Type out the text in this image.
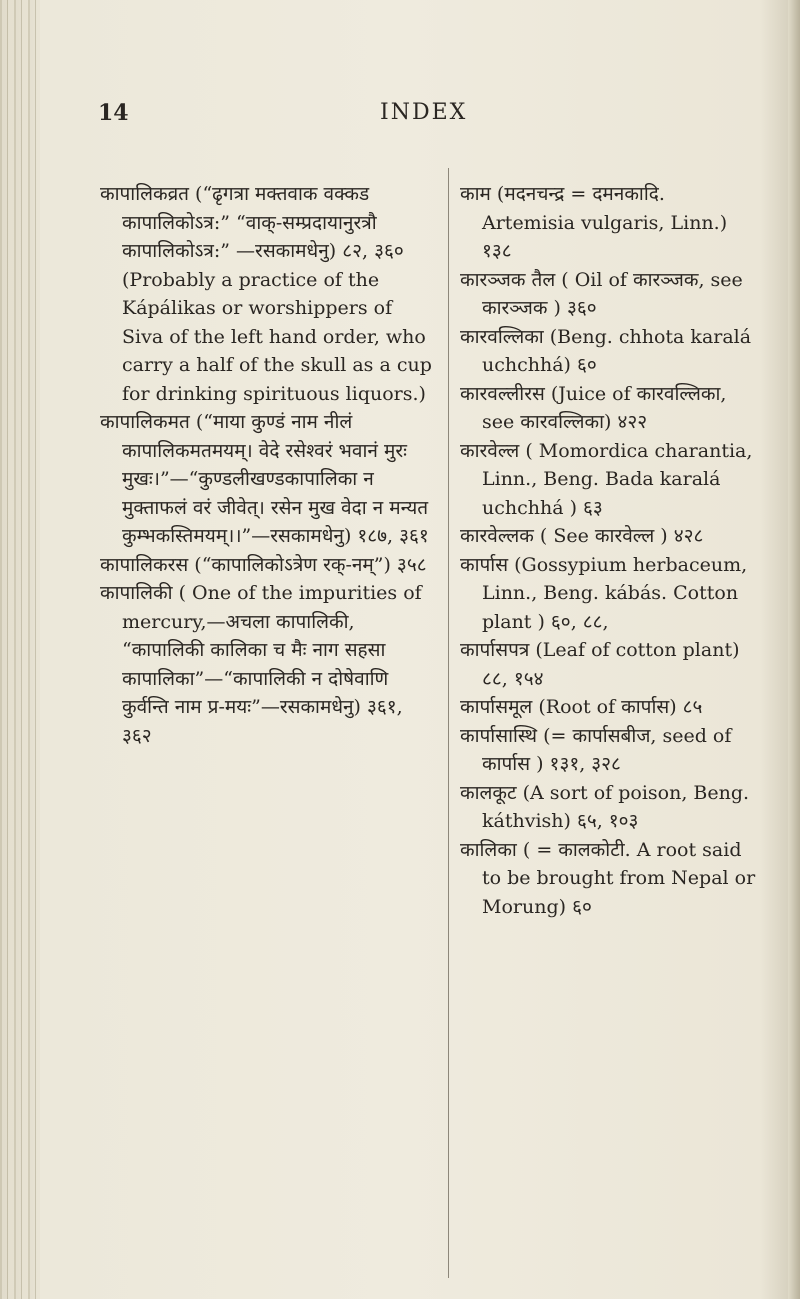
14	INDEX

कापालिकव्रत (“ढृगत्रा मक्तवाक वक्कड कापालिकोऽत्र:” “वाक्-सम्प्रदायानुरत्रौ कापालिकोऽत्र:” —रसकामधेनु) ८२, ३६० (Probably a practice of the Kápálikas or worshippers of Siva of the left hand order, who carry a half of the skull as a cup for drinking spirituous liquors.)

कापालिकमत (“माया कुण्डं नाम नीलं कापालिकमतमयम्। वेदे रसेश्वरं भवानं मुरः मुखः।”—“कुण्डलीखण्डकापालिका न मुक्ताफलं वरं जीवेत्। रसेन मुख वेदा न मन्यत कुम्भकस्तिमयम्।।”—रसकामधेनु) १८७, ३६१

कापालिकरस (“कापालिकोऽत्रेण रक्-नम्”) ३५८

कापालिकी ( One of the impurities of mercury,—अचला कापालिकी, “कापालिकी कालिका च मैः नाग सहसा कापालिका”—“कापालिकी न दोषेवाणि कुर्वन्ति नाम प्र-मयः”—रसकामधेनु) ३६१, ३६२

काम (मदनचन्द्र = दमनकादि. Artemisia vulgaris, Linn.) १३८

कारञ्जक तैल ( Oil of कारञ्जक, see कारञ्जक ) ३६०

कारवल्लिका (Beng. chhota karalá uchchhá) ६०

कारवल्लीरस (Juice of कारवल्लिका, see कारवल्लिका) ४२२

कारवेल्ल ( Momordica charantia, Linn., Beng. Bada karalá uchchhá ) ६३

कारवेल्लक ( See कारवेल्ल ) ४२८

कार्पास (Gossypium herbaceum, Linn., Beng. kábás. Cotton plant ) ६०, ८८,

कार्पासपत्र (Leaf of cotton plant) ८८, १५४

कार्पासमूल (Root of कार्पास) ८५

कार्पासास्थि (= कार्पासबीज, seed of कार्पास ) १३१, ३२८

कालकूट (A sort of poison, Beng. káthvish) ६५, १०३

कालिका ( = कालकोटी. A root said to be brought from Nepal or Morung) ६०
